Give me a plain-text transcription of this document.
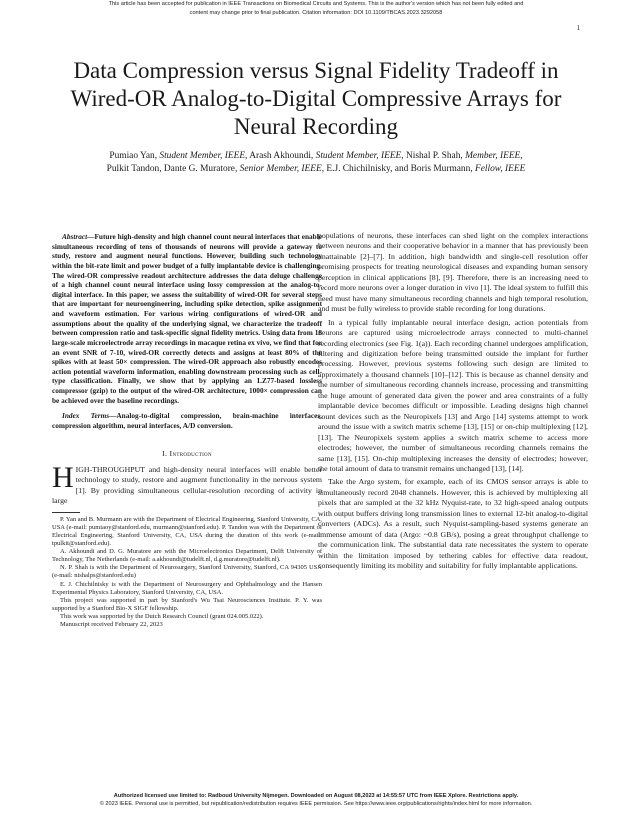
This article has been accepted for publication in IEEE Transactions on Biomedical Circuits and Systems. This is the author's version which has not been fully edited and
content may change prior to final publication. Citation information: DOI 10.1109/TBCAS.2023.3292058
1
Data Compression versus Signal Fidelity Tradeoff in Wired-OR Analog-to-Digital Compressive Arrays for Neural Recording
Pumiao Yan, Student Member, IEEE, Arash Akhoundi, Student Member, IEEE, Nishal P. Shah, Member, IEEE,
Pulkit Tandon, Dante G. Muratore, Senior Member, IEEE, E.J. Chichilnisky, and Boris Murmann, Fellow, IEEE

Abstract—Future high-density and high channel count neural interfaces that enable simultaneous recording of tens of thousands of neurons will provide a gateway to study, restore and augment neural functions. However, building such technology within the bit-rate limit and power budget of a fully implantable device is challenging. The wired-OR compressive readout architecture addresses the data deluge challenge of a high channel count neural interface using lossy compression at the analog-to-digital interface. In this paper, we assess the suitability of wired-OR for several steps that are important for neuroengineering, including spike detection, spike assignment and waveform estimation. For various wiring configurations of wired-OR and assumptions about the quality of the underlying signal, we characterize the tradeoff between compression ratio and task-specific signal fidelity metrics. Using data from 18 large-scale microelectrode array recordings in macaque retina ex vivo, we find that for an event SNR of 7-10, wired-OR correctly detects and assigns at least 80% of the spikes with at least 50× compression. The wired-OR approach also robustly encodes action potential waveform information, enabling downstream processing such as cell-type classification. Finally, we show that by applying an LZ77-based lossless compressor (gzip) to the output of the wired-OR architecture, 1000× compression can be achieved over the baseline recordings.

Index Terms—Analog-to-digital compression, brain-machine interfaces, compression algorithm, neural interfaces, A/D conversion.

I. Introduction

HIGH-THROUGHPUT and high-density neural interfaces will enable better technology to study, restore and augment functionality in the nervous system [1]. By providing simultaneous cellular-resolution recording of activity in large

P. Yan and B. Murmann are with the Department of Electrical Engineering, Stanford University, CA, USA (e-mail: pumiaoy@stanford.edu, murmann@stanford.edu). P. Tandon was with the Department of Electrical Engineering, Stanford University, CA, USA during the duration of this work (e-mail: tpulkit@stanford.edu).

A. Akhoundi and D. G. Muratore are with the Microelectronics Department, Delft University of Technology, The Netherlands (e-mail: a.akhoundi@tudelft.nl, d.g.muratore@tudelft.nl).

N. P. Shah is with the Department of Neurosurgery, Stanford University, Stanford, CA 94305 USA (e-mail: nishalps@stanford.edu)

E. J. Chichilnisky is with the Department of Neurosurgery and Ophthalmology and the Hansen Experimental Physics Laboratory, Stanford University, CA, USA.

This project was supported in part by Stanford's Wu Tsai Neurosciences Institute. P. Y. was supported by a Stanford Bio-X SIGF fellowship.

This work was supported by the Dutch Research Council (grant 024.005.022).

Manuscript received February 22, 2023

populations of neurons, these interfaces can shed light on the complex interactions between neurons and their cooperative behavior in a manner that has previously been unattainable [2]–[7]. In addition, high bandwidth and single-cell resolution offer promising prospects for treating neurological diseases and expanding human sensory perception in clinical applications [8], [9]. Therefore, there is an increasing need to record more neurons over a longer duration in vivo [1]. The ideal system to fulfill this need must have many simultaneous recording channels and high temporal resolution, and must be fully wireless to provide stable recording for long durations.

In a typical fully implantable neural interface design, action potentials from neurons are captured using microelectrode arrays connected to multi-channel recording electronics (see Fig. 1(a)). Each recording channel undergoes amplification, filtering and digitization before being transmitted outside the implant for further processing. However, previous systems following such design are limited to approximately a thousand channels [10]–[12]. This is because as channel density and the number of simultaneous recording channels increase, processing and transmitting the huge amount of generated data given the power and area constraints of a fully implantable device becomes difficult or impossible. Leading designs high channel count devices such as the Neuropixels [13] and Argo [14] systems attempt to work around the issue with a switch matrix scheme [13], [15] or on-chip multiplexing [12], [13]. The Neuropixels system applies a switch matrix scheme to access more electrodes; however, the number of simultaneous recording channels remains the same [13], [15]. On-chip multiplexing increases the density of electrodes; however, the total amount of data to transmit remains unchanged [13], [14].

Take the Argo system, for example, each of its CMOS sensor arrays is able to simultaneously record 2048 channels. However, this is achieved by multiplexing all pixels that are sampled at the 32 kHz Nyquist-rate, to 32 high-speed analog outputs with output buffers driving long transmission lines to external 12-bit analog-to-digital converters (ADCs). As a result, such Nyquist-sampling-based systems generate an immense amount of data (Argo: ~0.8 GB/s), posing a great throughput challenge to the communication link. The substantial data rate necessitates the system to operate within the limitation imposed by tethering cables for effective data readout, consequently limiting its mobility and suitability for fully implantable applications.

Authorized licensed use limited to: Radboud University Nijmegen. Downloaded on August 08,2023 at 14:55:57 UTC from IEEE Xplore. Restrictions apply.
© 2023 IEEE. Personal use is permitted, but republication/redistribution requires IEEE permission. See https://www.ieee.org/publications/rights/index.html for more information.
